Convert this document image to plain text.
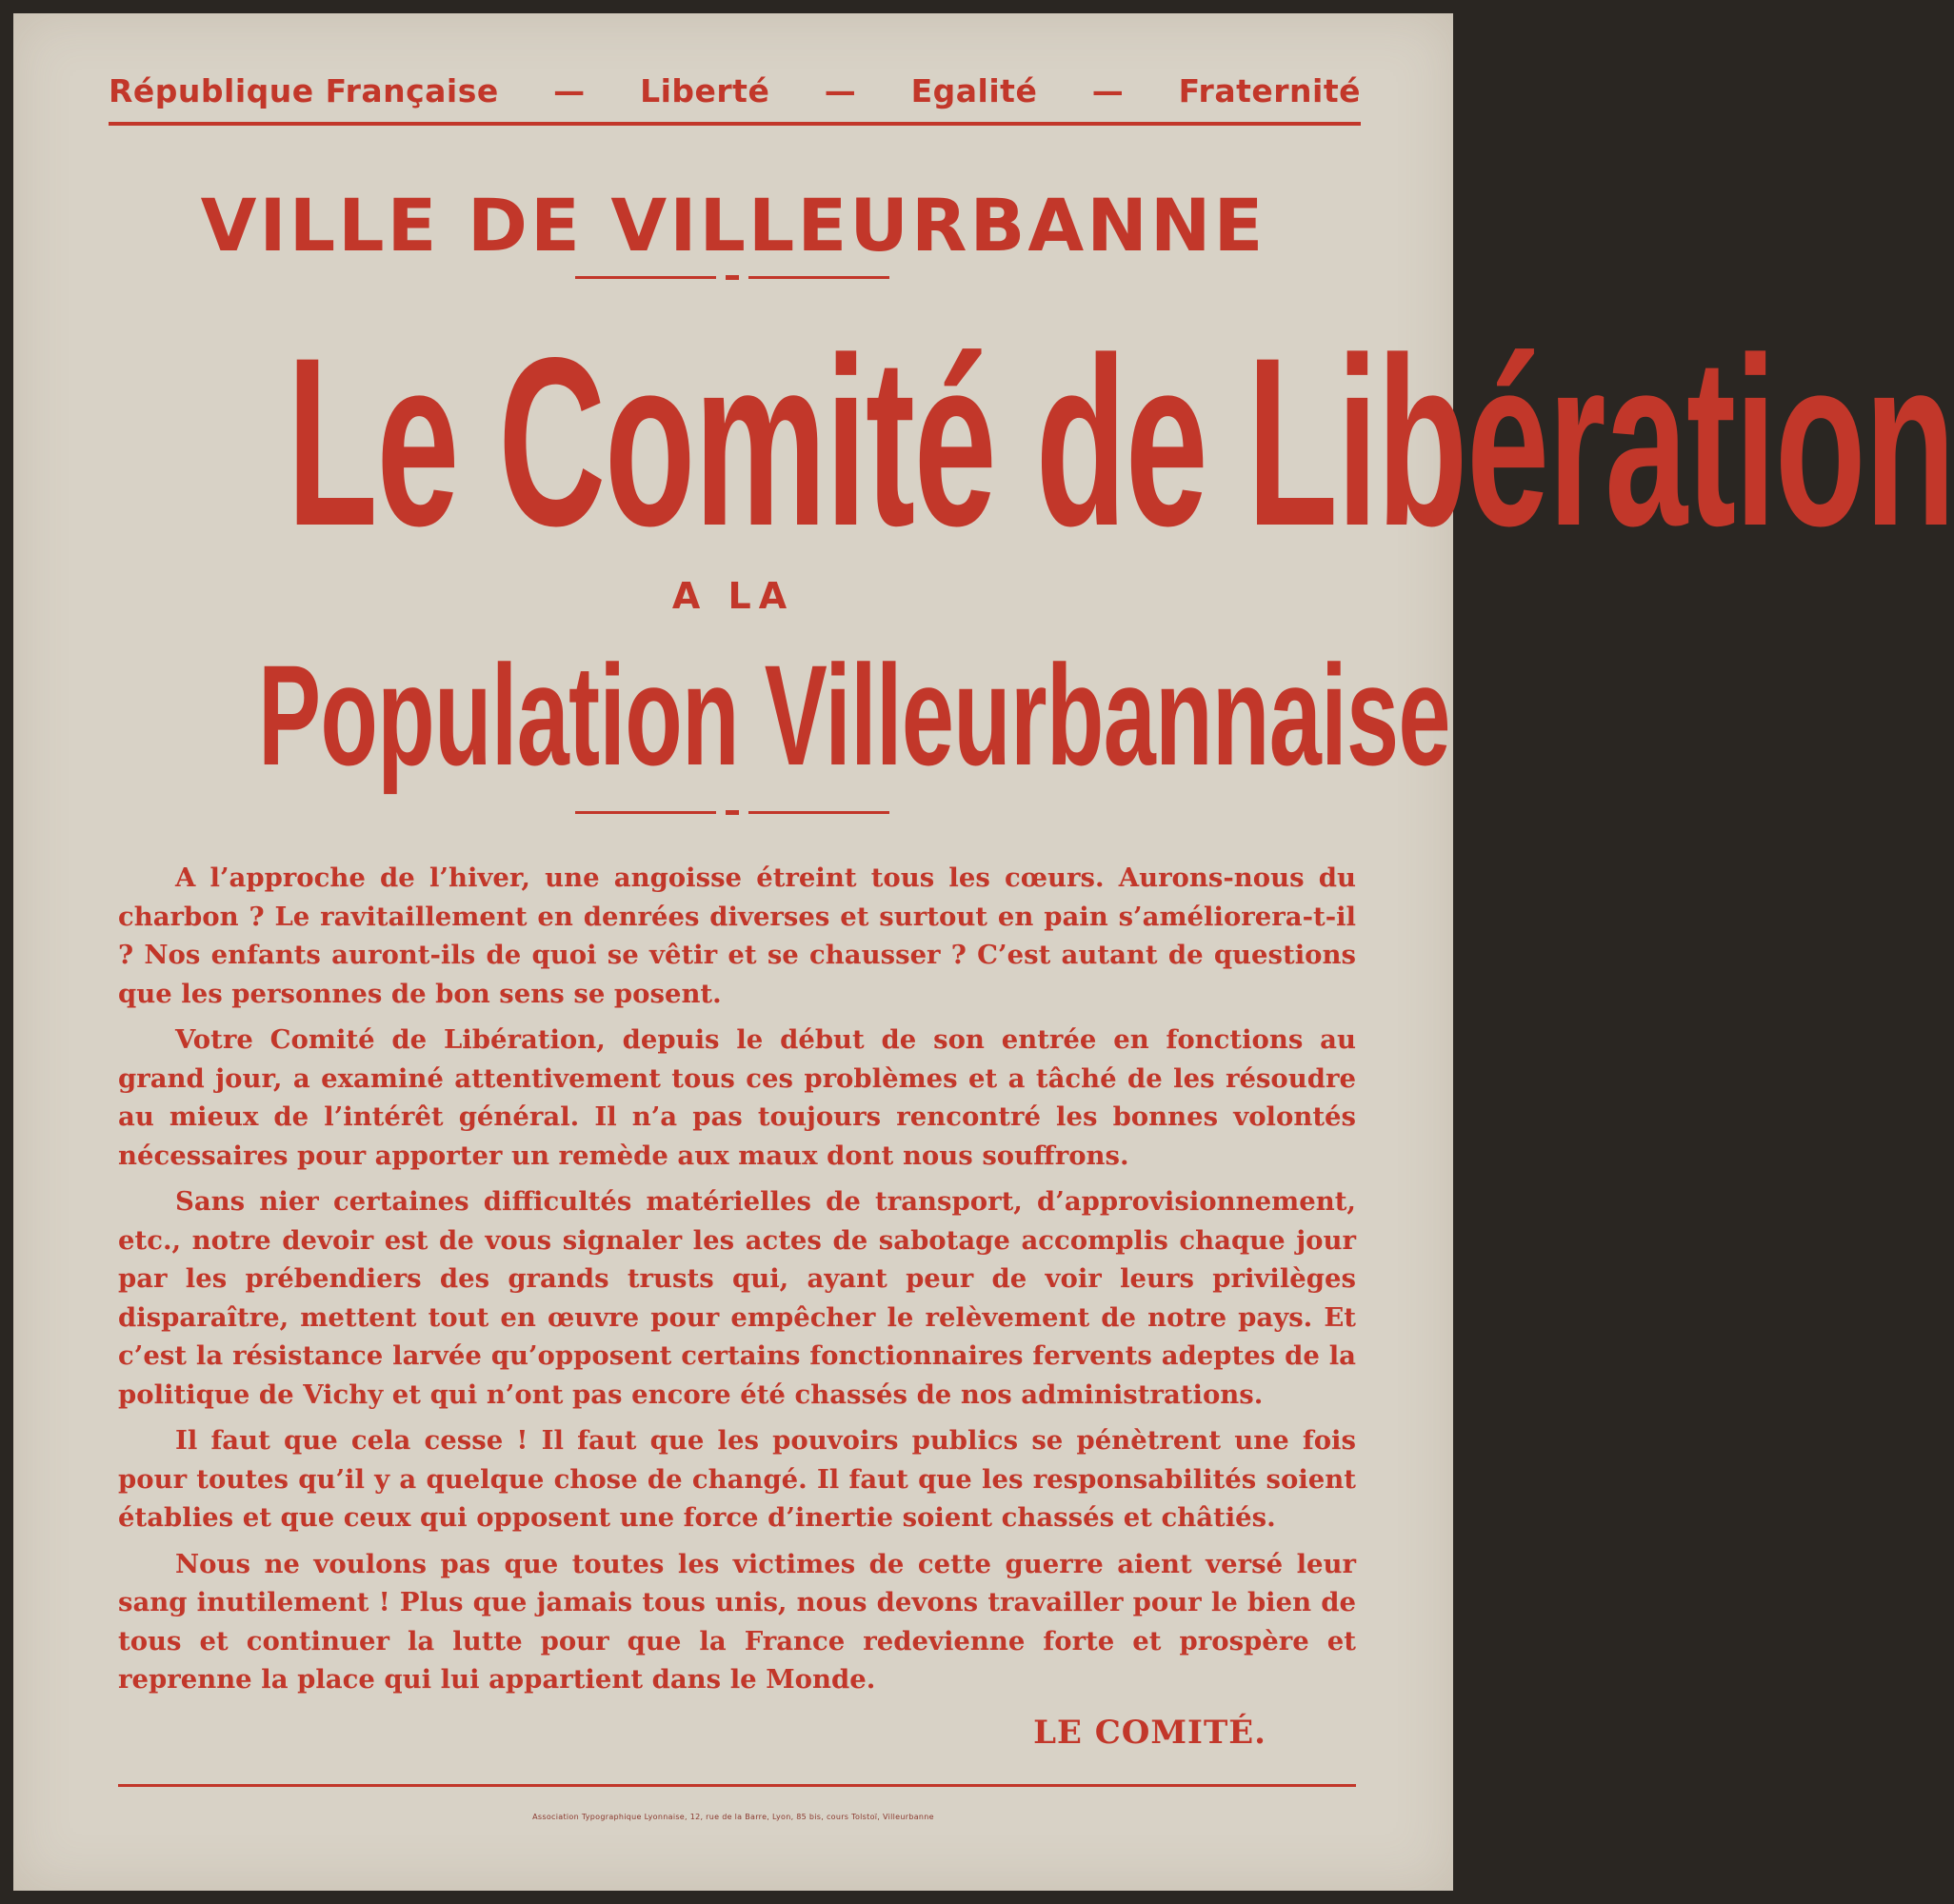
République Française — Liberté — Egalité — Fraternité
VILLE DE VILLEURBANNE
Le Comité de Libération
A LA
Population Villeurbannaise

A l’approche de l’hiver, une angoisse étreint tous les cœurs. Aurons-nous du charbon ? Le ravitaillement en denrées diverses et surtout en pain s’améliorera-t-il ? Nos enfants auront-ils de quoi se vêtir et se chausser ? C’est autant de questions que les personnes de bon sens se posent.

Votre Comité de Libération, depuis le début de son entrée en fonctions au grand jour, a examiné attentivement tous ces problèmes et a tâché de les résoudre au mieux de l’intérêt général. Il n’a pas toujours rencontré les bonnes volontés nécessaires pour apporter un remède aux maux dont nous souffrons.

Sans nier certaines difficultés matérielles de transport, d’approvisionnement, etc., notre devoir est de vous signaler les actes de sabotage accomplis chaque jour par les prébendiers des grands trusts qui, ayant peur de voir leurs privilèges disparaître, mettent tout en œuvre pour empêcher le relèvement de notre pays. Et c’est la résistance larvée qu’opposent certains fonctionnaires fervents adeptes de la politique de Vichy et qui n’ont pas encore été chassés de nos administrations.

Il faut que cela cesse ! Il faut que les pouvoirs publics se pénètrent une fois pour toutes qu’il y a quelque chose de changé. Il faut que les responsabilités soient établies et que ceux qui opposent une force d’inertie soient chassés et châtiés.

Nous ne voulons pas que toutes les victimes de cette guerre aient versé leur sang inutilement ! Plus que jamais tous unis, nous devons travailler pour le bien de tous et continuer la lutte pour que la France redevienne forte et prospère et reprenne la place qui lui appartient dans le Monde.

LE COMITÉ.
Association Typographique Lyonnaise, 12, rue de la Barre, Lyon, 85 bis, cours Tolstoï, Villeurbanne
